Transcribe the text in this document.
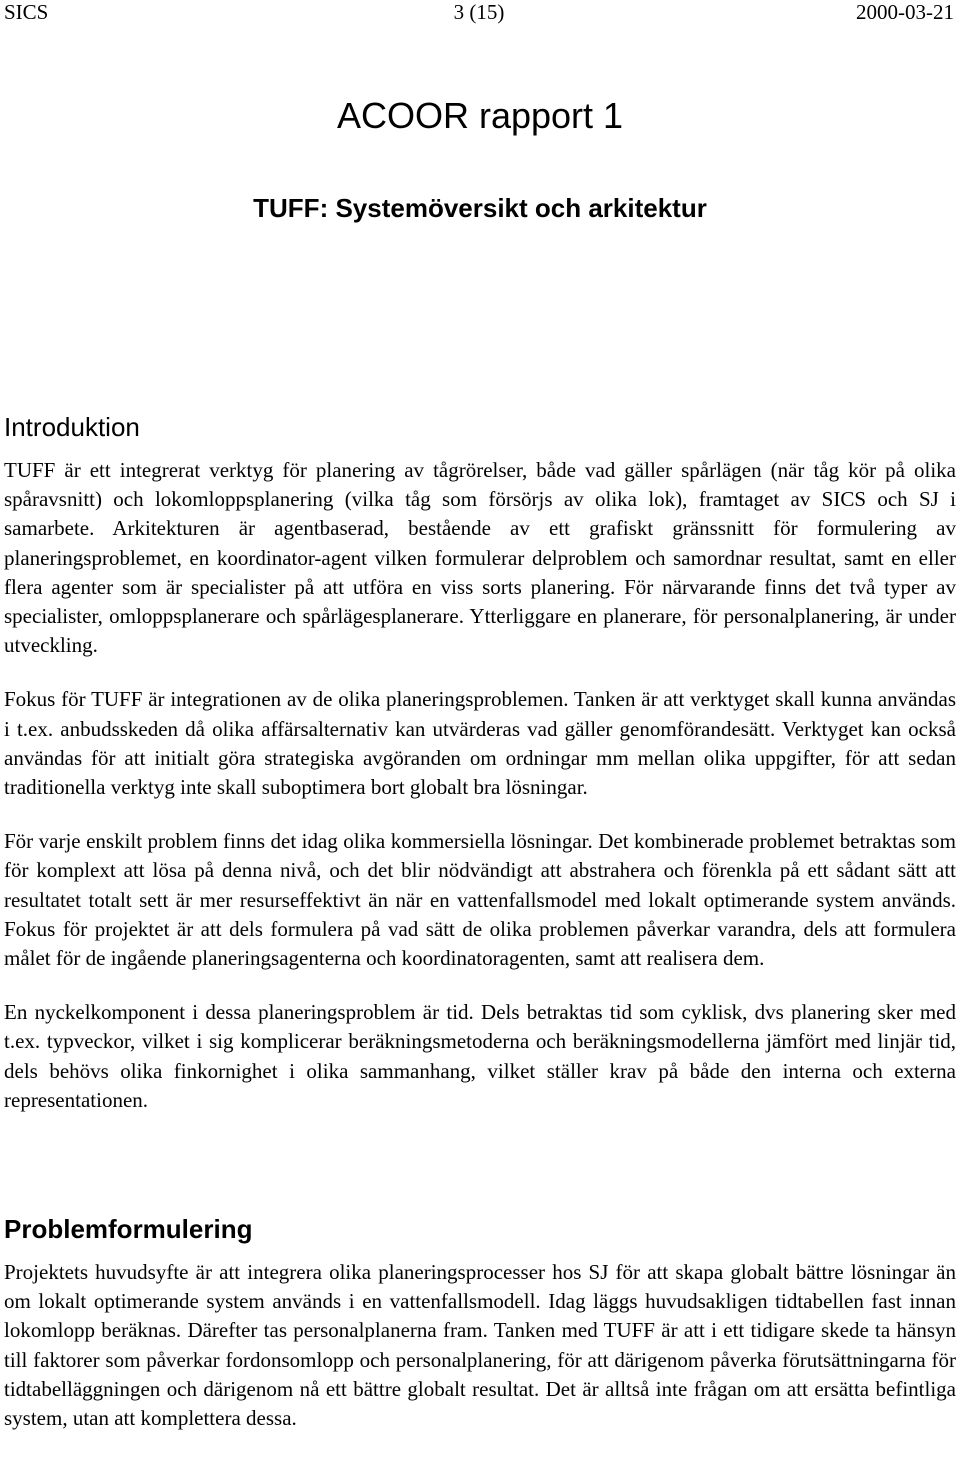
SICS	3 (15)	2000-03-21
ACOOR rapport 1
TUFF: Systemöversikt och arkitektur
Introduktion

TUFF är ett integrerat verktyg för planering av tågrörelser, både vad gäller spårlägen (när tåg kör på olika spåravsnitt) och lokomloppsplanering (vilka tåg som försörjs av olika lok), framtaget av SICS och SJ i samarbete. Arkitekturen är agentbaserad, bestående av ett grafiskt gränssnitt för formulering av planeringsproblemet, en koordinator-agent vilken formulerar delproblem och samordnar resultat, samt en eller flera agenter som är specialister på att utföra en viss sorts planering. För närvarande finns det två typer av specialister, omloppsplanerare och spårlägesplanerare. Ytterliggare en planerare, för personalplanering, är under utveckling.

Fokus för TUFF är integrationen av de olika planeringsproblemen. Tanken är att verktyget skall kunna användas i t.ex. anbudsskeden då olika affärsalternativ kan utvärderas vad gäller genomförandesätt. Verktyget kan också användas för att initialt göra strategiska avgöranden om ordningar mm mellan olika uppgifter, för att sedan traditionella verktyg inte skall suboptimera bort globalt bra lösningar.

För varje enskilt problem finns det idag olika kommersiella lösningar. Det kombinerade problemet betraktas som för komplext att lösa på denna nivå, och det blir nödvändigt att abstrahera och förenkla på ett sådant sätt att resultatet totalt sett är mer resurseffektivt än när en vattenfallsmodel med lokalt optimerande system används. Fokus för projektet är att dels formulera på vad sätt de olika problemen påverkar varandra, dels att formulera målet för de ingående planeringsagenterna och koordinatoragenten, samt att realisera dem.

En nyckelkomponent i dessa planeringsproblem är tid. Dels betraktas tid som cyklisk, dvs planering sker med t.ex. typveckor, vilket i sig komplicerar beräkningsmetoderna och beräkningsmodellerna jämfört med linjär tid, dels behövs olika finkornighet i olika sammanhang, vilket ställer krav på både den interna och externa representationen.

Problemformulering

Projektets huvudsyfte är att integrera olika planeringsprocesser hos SJ för att skapa globalt bättre lösningar än om lokalt optimerande system används i en vattenfallsmodell. Idag läggs huvudsakligen tidtabellen fast innan lokomlopp beräknas. Därefter tas personalplanerna fram. Tanken med TUFF är att i ett tidigare skede ta hänsyn till faktorer som påverkar fordonsomlopp och personalplanering, för att därigenom påverka förutsättningarna för tidtabelläggningen och därigenom nå ett bättre globalt resultat. Det är alltså inte frågan om att ersätta befintliga system, utan att komplettera dessa.
